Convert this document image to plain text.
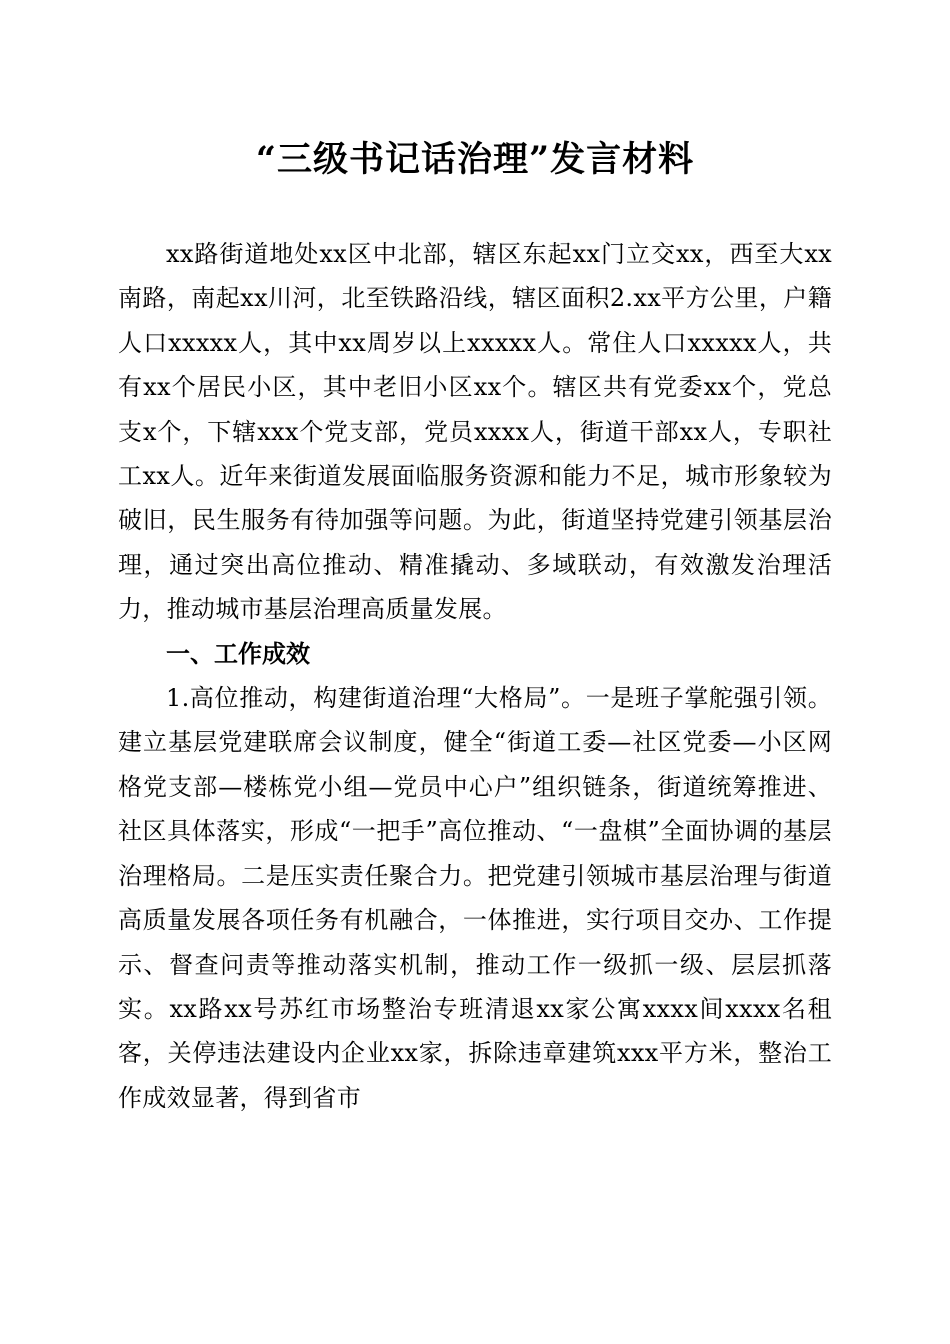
“三级书记话治理”发言材料

xx路街道地处xx区中北部，辖区东起xx门立交xx，西至大xx南路，南起xx川河，北至铁路沿线，辖区面积2.xx平方公里，户籍人口xxxxx人，其中xx周岁以上xxxxx人。常住人口xxxxx人，共有xx个居民小区，其中老旧小区xx个。辖区共有党委xx个，党总支x个，下辖xxx个党支部，党员xxxx人，街道干部xx人，专职社工xx人。近年来街道发展面临服务资源和能力不足，城市形象较为破旧，民生服务有待加强等问题。为此，街道坚持党建引领基层治理，通过突出高位推动、精准撬动、多域联动，有效激发治理活力，推动城市基层治理高质量发展。

一、工作成效

1.高位推动，构建街道治理“大格局”。一是班子掌舵强引领。建立基层党建联席会议制度，健全“街道工委—社区党委—小区网格党支部—楼栋党小组—党员中心户”组织链条，街道统筹推进、社区具体落实，形成“一把手”高位推动、“一盘棋”全面协调的基层治理格局。二是压实责任聚合力。把党建引领城市基层治理与街道高质量发展各项任务有机融合，一体推进，实行项目交办、工作提示、督查问责等推动落实机制，推动工作一级抓一级、层层抓落实。xx路xx号苏红市场整治专班清退xx家公寓xxxx间xxxx名租客，关停违法建设内企业xx家，拆除违章建筑xxx平方米，整治工作成效显著，得到省市
